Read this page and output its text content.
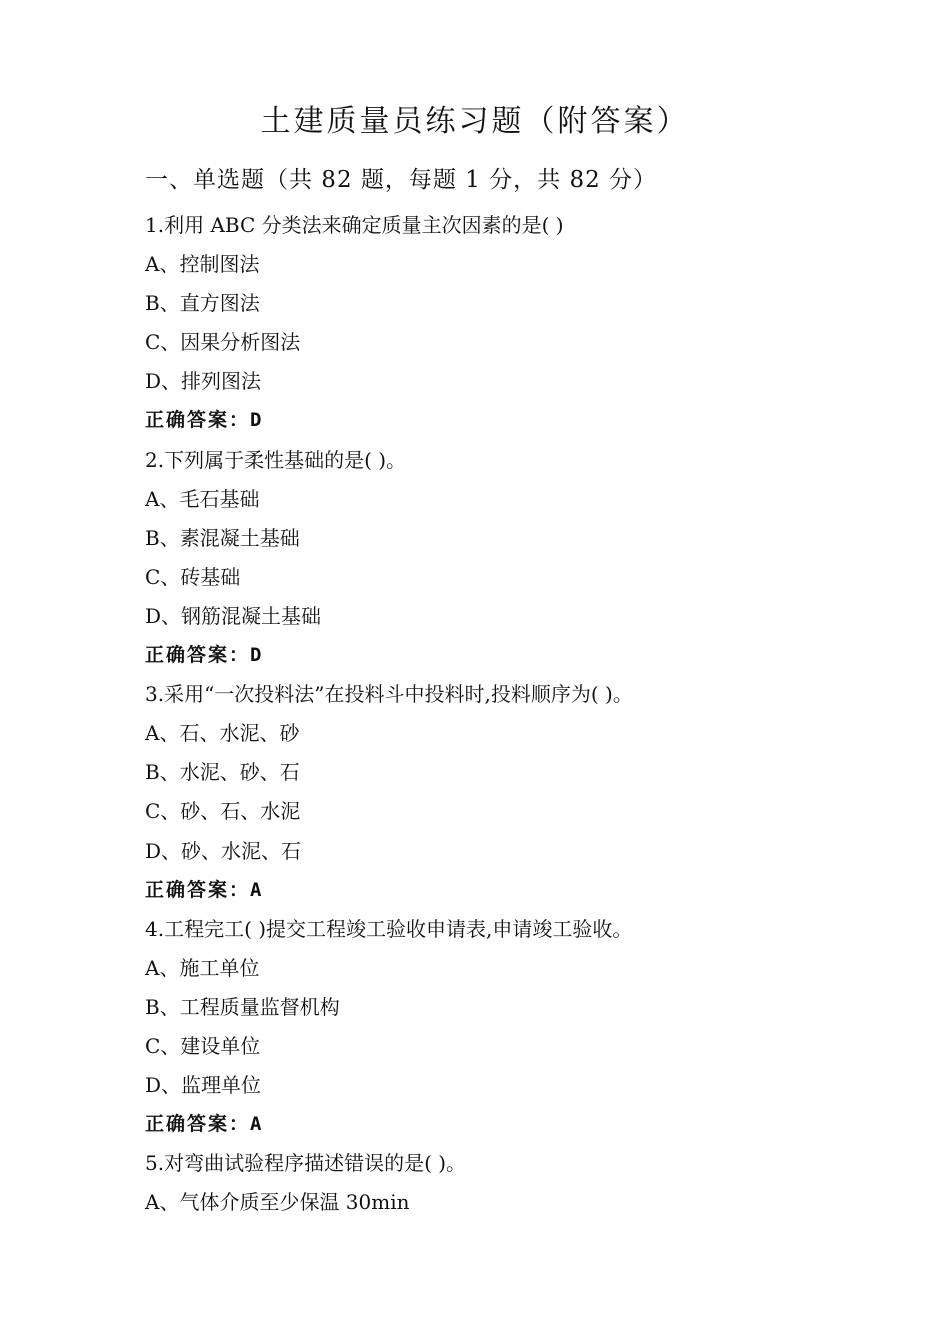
土建质量员练习题（附答案）
一、单选题（共 82 题，每题 1 分，共 82 分）
1.利用 ABC 分类法来确定质量主次因素的是( )
A、控制图法
B、直方图法
C、因果分析图法
D、排列图法
正确答案：D
2.下列属于柔性基础的是( )。
A、毛石基础
B、素混凝土基础
C、砖基础
D、钢筋混凝土基础
正确答案：D
3.采用“一次投料法”在投料斗中投料时,投料顺序为( )。
A、石、水泥、砂
B、水泥、砂、石
C、砂、石、水泥
D、砂、水泥、石
正确答案：A
4.工程完工( )提交工程竣工验收申请表,申请竣工验收。
A、施工单位
B、工程质量监督机构
C、建设单位
D、监理单位
正确答案：A
5.对弯曲试验程序描述错误的是( )。
A、气体介质至少保温 30min
